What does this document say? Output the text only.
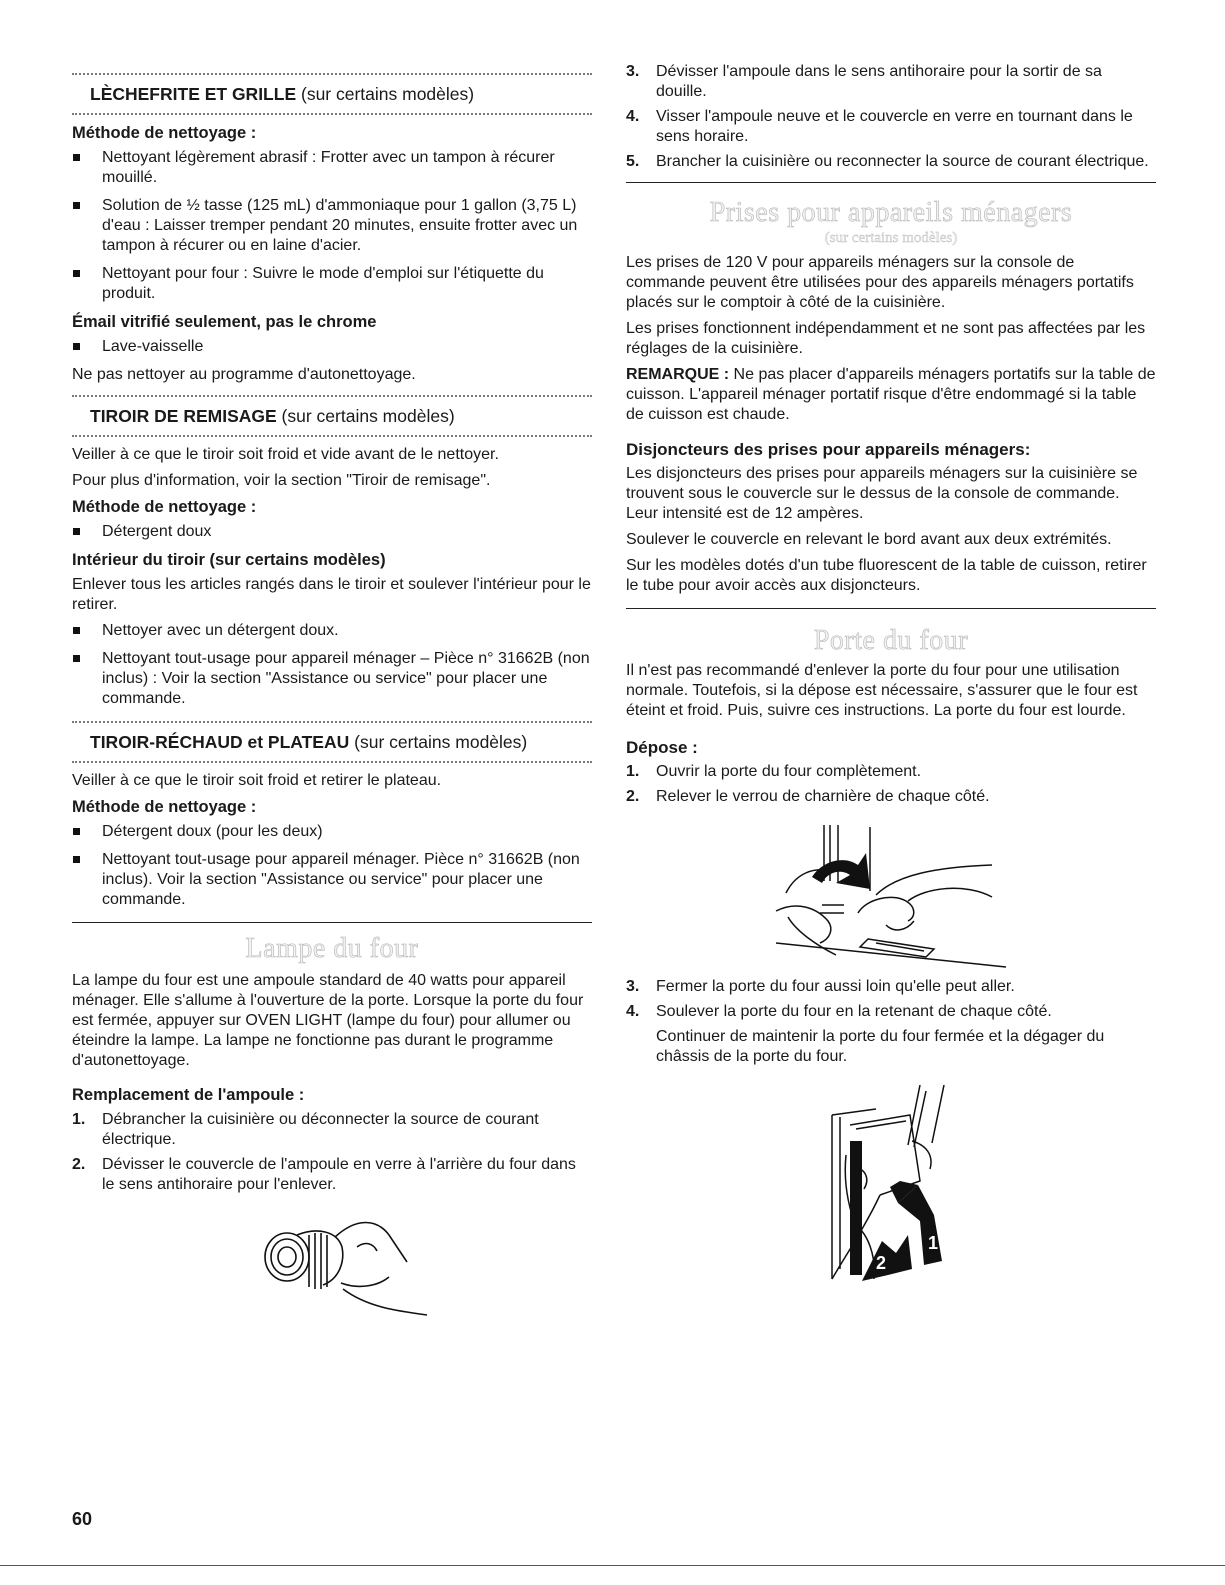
LÈCHEFRITE ET GRILLE (sur certains modèles)
Méthode de nettoyage :
Nettoyant légèrement abrasif : Frotter avec un tampon à récurer mouillé.
Solution de ½ tasse (125 mL) d'ammoniaque pour 1 gallon (3,75 L) d'eau : Laisser tremper pendant 20 minutes, ensuite frotter avec un tampon à récurer ou en laine d'acier.
Nettoyant pour four : Suivre le mode d'emploi sur l'étiquette du produit.
Émail vitrifié seulement, pas le chrome
Lave-vaisselle

Ne pas nettoyer au programme d'autonettoyage.

TIROIR DE REMISAGE (sur certains modèles)

Veiller à ce que le tiroir soit froid et vide avant de le nettoyer.

Pour plus d'information, voir la section "Tiroir de remisage".

Méthode de nettoyage :
Détergent doux
Intérieur du tiroir (sur certains modèles)

Enlever tous les articles rangés dans le tiroir et soulever l'intérieur pour le retirer.

Nettoyer avec un détergent doux.
Nettoyant tout-usage pour appareil ménager – Pièce n° 31662B (non inclus) : Voir la section "Assistance ou service" pour placer une commande.
TIROIR-RÉCHAUD et PLATEAU (sur certains modèles)

Veiller à ce que le tiroir soit froid et retirer le plateau.

Méthode de nettoyage :
Détergent doux (pour les deux)
Nettoyant tout-usage pour appareil ménager. Pièce n° 31662B (non inclus). Voir la section "Assistance ou service" pour placer une commande.
Lampe du four

La lampe du four est une ampoule standard de 40 watts pour appareil ménager. Elle s'allume à l'ouverture de la porte. Lorsque la porte du four est fermée, appuyer sur OVEN LIGHT (lampe du four) pour allumer ou éteindre la lampe. La lampe ne fonctionne pas durant le programme d'autonettoyage.

Remplacement de l'ampoule :
1. Débrancher la cuisinière ou déconnecter la source de courant électrique.
2. Dévisser le couvercle de l'ampoule en verre à l'arrière du four dans le sens antihoraire pour l'enlever.
3. Dévisser l'ampoule dans le sens antihoraire pour la sortir de sa douille.
4. Visser l'ampoule neuve et le couvercle en verre en tournant dans le sens horaire.
5. Brancher la cuisinière ou reconnecter la source de courant électrique.
Prises pour appareils ménagers
(sur certains modèles)

Les prises de 120 V pour appareils ménagers sur la console de commande peuvent être utilisées pour des appareils ménagers portatifs placés sur le comptoir à côté de la cuisinière.

Les prises fonctionnent indépendamment et ne sont pas affectées par les réglages de la cuisinière.

REMARQUE : Ne pas placer d'appareils ménagers portatifs sur la table de cuisson. L'appareil ménager portatif risque d'être endommagé si la table de cuisson est chaude.

Disjoncteurs des prises pour appareils ménagers:

Les disjoncteurs des prises pour appareils ménagers sur la cuisinière se trouvent sous le couvercle sur le dessus de la console de commande. Leur intensité est de 12 ampères.

Soulever le couvercle en relevant le bord avant aux deux extrémités.

Sur les modèles dotés d'un tube fluorescent de la table de cuisson, retirer le tube pour avoir accès aux disjoncteurs.

Porte du four

Il n'est pas recommandé d'enlever la porte du four pour une utilisation normale. Toutefois, si la dépose est nécessaire, s'assurer que le four est éteint et froid. Puis, suivre ces instructions. La porte du four est lourde.

Dépose :
1. Ouvrir la porte du four complètement.
2. Relever le verrou de charnière de chaque côté.
3. Fermer la porte du four aussi loin qu'elle peut aller.
4. Soulever la porte du four en la retenant de chaque côté.

Continuer de maintenir la porte du four fermée et la dégager du châssis de la porte du four.

1
2
60
